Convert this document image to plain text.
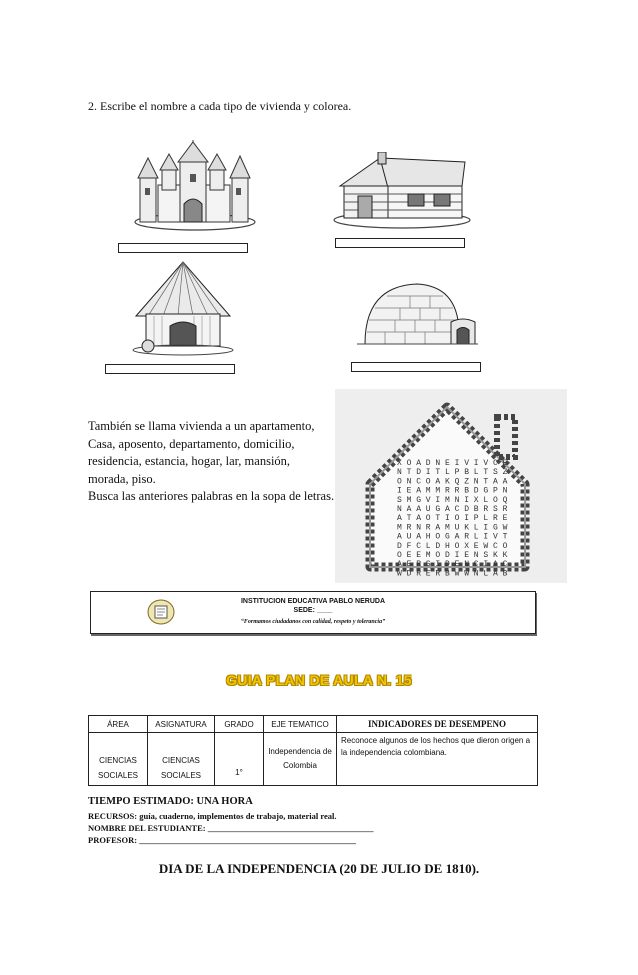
2. Escribe el nombre a cada tipo de vivienda y colorea.
También se llama vivienda a un apartamento,
Casa, aposento, departamento, domicilio,
residencia, estancia, hogar, lar, mansión,
morada, piso.
Busca las anteriores palabras en la sopa de letras.
XOADNEIVIVCE
NTDITLPBLTSZ
ONCOAKQZNTAA
IEAMMRRBDGPN
SMGVIMNIXLOQ
NAAUGACDBRSR
ATAOTIOIPLRE
MRNRAMUKLIGW
AUAHOGARLIVT
DFCLDHOXEWCO
OEEMODIENSKK
AERSIDENCIAC
WDRERBWWNLAB
INSTITUCION EDUCATIVA PABLO NERUDA
SEDE: ____
“Formamos ciudadanos con calidad, respeto y tolerancia”
GUIA PLAN DE AULA N. 15
ÁREA	ASIGNATURA	GRADO	EJE TEMATICO	INDICADORES DE DESEMPENO
CIENCIAS SOCIALES	CIENCIAS SOCIALES	1°	Independencia de Colombia	Reconoce algunos de los hechos que dieron origen a la independencia colombiana.
TIEMPO ESTIMADO: UNA HORA
RECURSOS: guía, cuaderno, implementos de trabajo, material real.
NOMBRE DEL ESTUDIANTE: _______________________________________
PROFESOR: ___________________________________________________
DIA DE LA INDEPENDENCIA (20 DE JULIO DE 1810).
